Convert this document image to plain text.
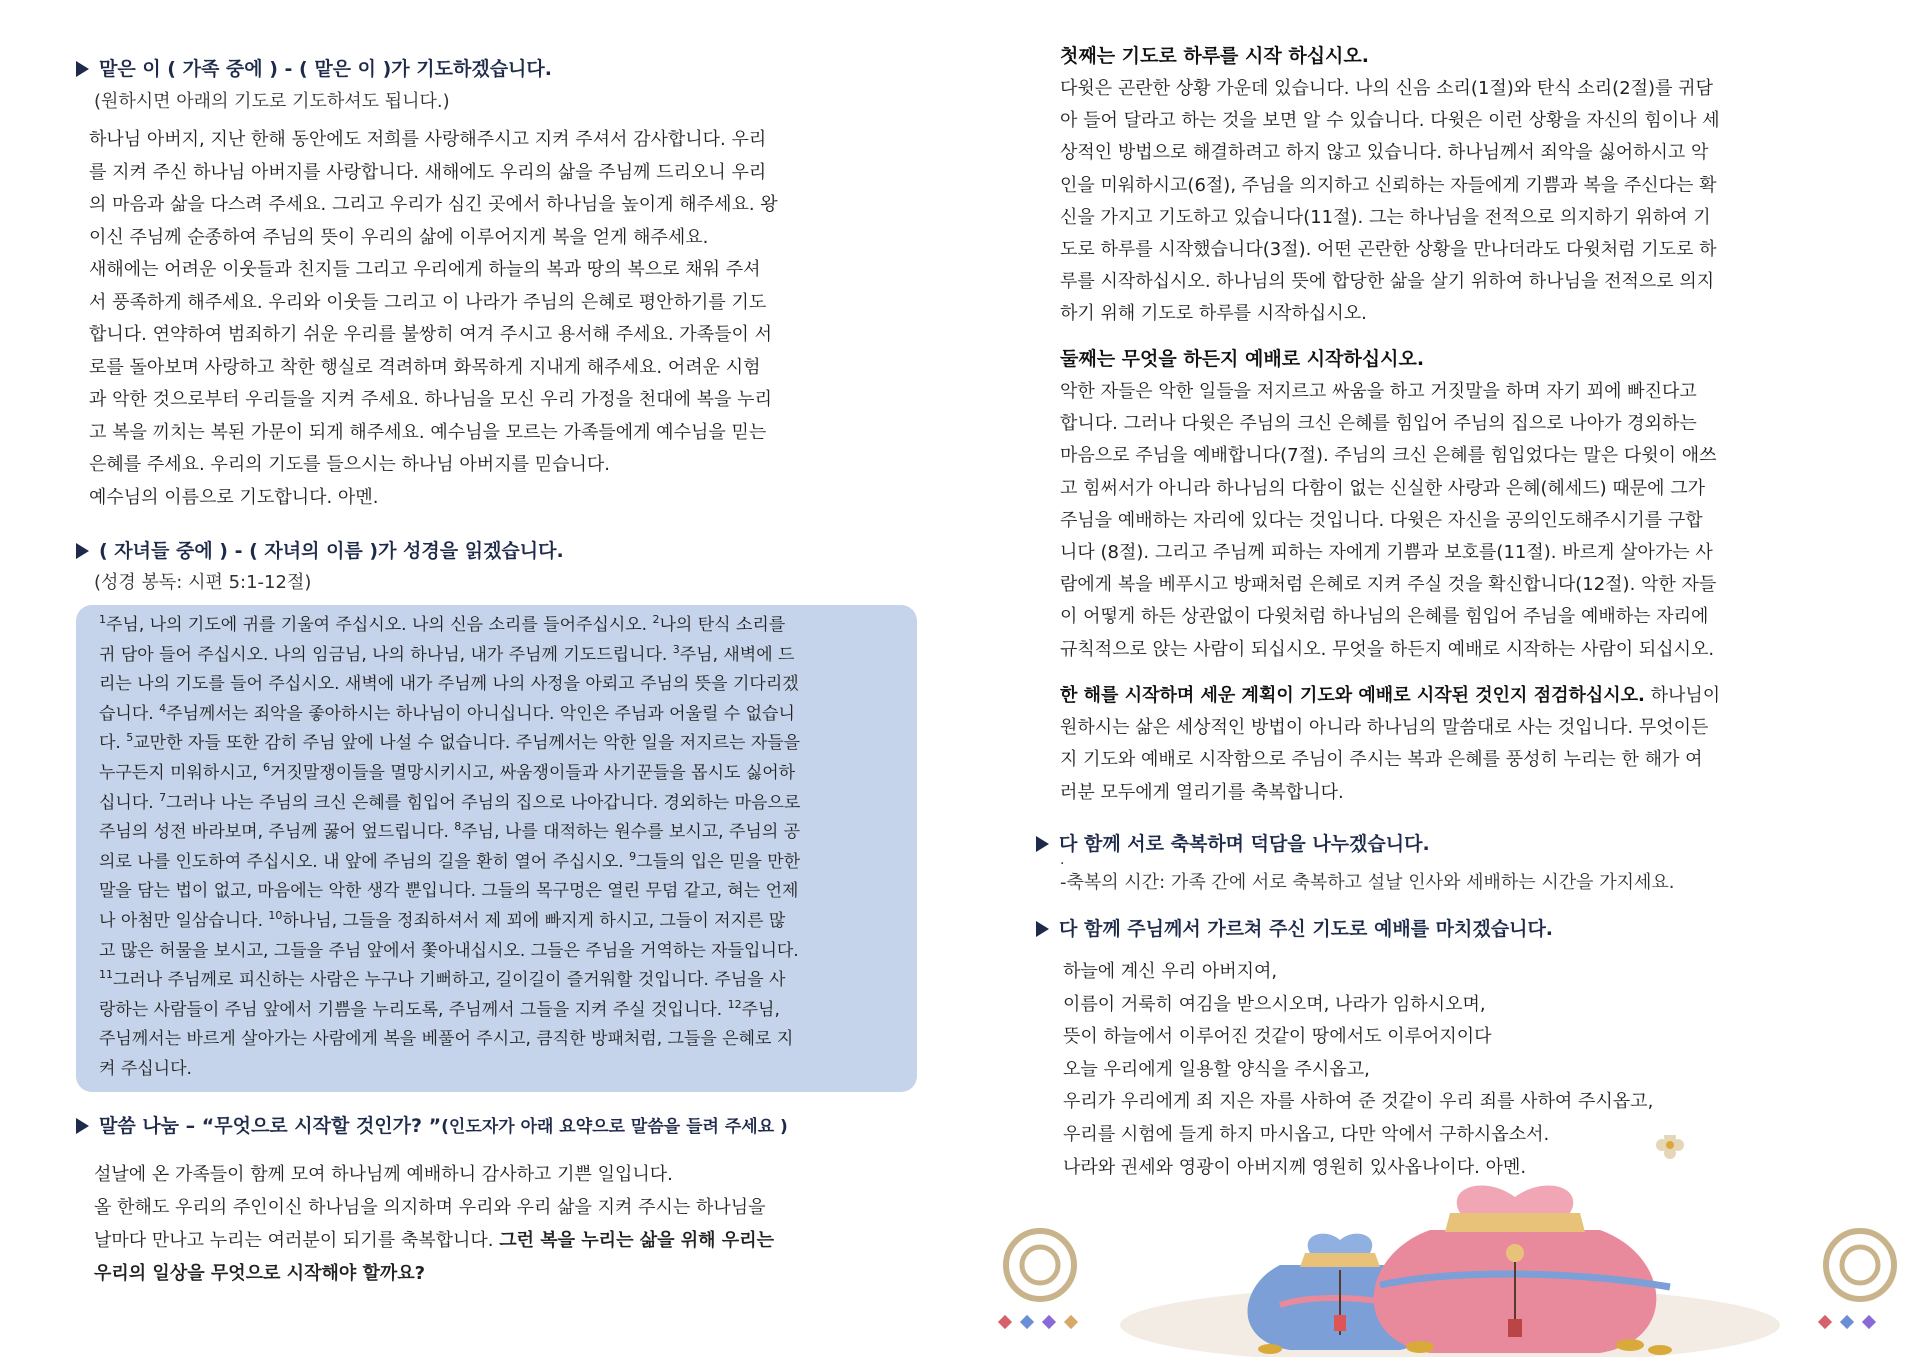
맡은 이 ( 가족 중에 ) - ( 맡은 이 )가 기도하겠습니다.
(원하시면 아래의 기도로 기도하셔도 됩니다.)
하나님 아버지, 지난 한해 동안에도 저희를 사랑해주시고 지켜 주셔서 감사합니다. 우리
를 지켜 주신 하나님 아버지를 사랑합니다. 새해에도 우리의 삶을 주님께 드리오니 우리
의 마음과 삶을 다스려 주세요. 그리고 우리가 심긴 곳에서 하나님을 높이게 해주세요. 왕
이신 주님께 순종하여 주님의 뜻이 우리의 삶에 이루어지게 복을 얻게 해주세요.
새해에는 어려운 이웃들과 친지들 그리고 우리에게 하늘의 복과 땅의 복으로 채워 주셔
서 풍족하게 해주세요. 우리와 이웃들 그리고 이 나라가 주님의 은혜로 평안하기를 기도
합니다. 연약하여 범죄하기 쉬운 우리를 불쌍히 여겨 주시고 용서해 주세요. 가족들이 서
로를 돌아보며 사랑하고 착한 행실로 격려하며 화목하게 지내게 해주세요. 어려운 시험
과 악한 것으로부터 우리들을 지켜 주세요. 하나님을 모신 우리 가정을 천대에 복을 누리
고 복을 끼치는 복된 가문이 되게 해주세요. 예수님을 모르는 가족들에게 예수님을 믿는
은혜를 주세요. 우리의 기도를 들으시는 하나님 아버지를 믿습니다.
예수님의 이름으로 기도합니다. 아멘.
( 자녀들 중에 ) - ( 자녀의 이름 )가 성경을 읽겠습니다.
(성경 봉독: 시편 5:1-12절)
$^1$주님, 나의 기도에 귀를 기울여 주십시오. 나의 신음 소리를 들어주십시오. $^2$나의 탄식 소리를
귀 담아 들어 주십시오. 나의 임금님, 나의 하나님, 내가 주님께 기도드립니다. $^3$주님, 새벽에 드
리는 나의 기도를 들어 주십시오. 새벽에 내가 주님께 나의 사정을 아뢰고 주님의 뜻을 기다리겠
습니다. $^4$주님께서는 죄악을 좋아하시는 하나님이 아니십니다. 악인은 주님과 어울릴 수 없습니
다. $^5$교만한 자들 또한 감히 주님 앞에 나설 수 없습니다. 주님께서는 악한 일을 저지르는 자들을
누구든지 미워하시고, $^6$거짓말쟁이들을 멸망시키시고, 싸움쟁이들과 사기꾼들을 몹시도 싫어하
십니다. $^7$그러나 나는 주님의 크신 은혜를 힘입어 주님의 집으로 나아갑니다. 경외하는 마음으로
주님의 성전 바라보며, 주님께 꿇어 엎드립니다. $^8$주님, 나를 대적하는 원수를 보시고, 주님의 공
의로 나를 인도하여 주십시오. 내 앞에 주님의 길을 환히 열어 주십시오. $^9$그들의 입은 믿을 만한
말을 담는 법이 없고, 마음에는 악한 생각 뿐입니다. 그들의 목구멍은 열린 무덤 같고, 혀는 언제
나 아첨만 일삼습니다. $^{10}$하나님, 그들을 정죄하셔서 제 꾀에 빠지게 하시고, 그들이 저지른 많
고 많은 허물을 보시고, 그들을 주님 앞에서 쫓아내십시오. 그들은 주님을 거역하는 자들입니다.
$^{11}$그러나 주님께로 피신하는 사람은 누구나 기뻐하고, 길이길이 즐거워할 것입니다. 주님을 사
랑하는 사람들이 주님 앞에서 기쁨을 누리도록, 주님께서 그들을 지켜 주실 것입니다. $^{12}$주님,
주님께서는 바르게 살아가는 사람에게 복을 베풀어 주시고, 큼직한 방패처럼, 그들을 은혜로 지
켜 주십니다.
말씀 나눔 – “무엇으로 시작할 것인가? ”(인도자가 아래 요약으로 말씀을 들려 주세요 )
설날에 온 가족들이 함께 모여 하나님께 예배하니 감사하고 기쁜 일입니다.
올 한해도 우리의 주인이신 하나님을 의지하며 우리와 우리 삶을 지켜 주시는 하나님을
날마다 만나고 누리는 여러분이 되기를 축복합니다. 그런 복을 누리는 삶을 위해 우리는
우리의 일상을 무엇으로 시작해야 할까요?
첫째는 기도로 하루를 시작 하십시오.
다윗은 곤란한 상황 가운데 있습니다. 나의 신음 소리(1절)와 탄식 소리(2절)를 귀담
아 들어 달라고 하는 것을 보면 알 수 있습니다. 다윗은 이런 상황을 자신의 힘이나 세
상적인 방법으로 해결하려고 하지 않고 있습니다. 하나님께서 죄악을 싫어하시고 악
인을 미워하시고(6절), 주님을 의지하고 신뢰하는 자들에게 기쁨과 복을 주신다는 확
신을 가지고 기도하고 있습니다(11절). 그는 하나님을 전적으로 의지하기 위하여 기
도로 하루를 시작했습니다(3절). 어떤 곤란한 상황을 만나더라도 다윗처럼 기도로 하
루를 시작하십시오. 하나님의 뜻에 합당한 삶을 살기 위하여 하나님을 전적으로 의지
하기 위해 기도로 하루를 시작하십시오.
둘째는 무엇을 하든지 예배로 시작하십시오.
악한 자들은 악한 일들을 저지르고 싸움을 하고 거짓말을 하며 자기 꾀에 빠진다고
합니다. 그러나 다윗은 주님의 크신 은혜를 힘입어 주님의 집으로 나아가 경외하는
마음으로 주님을 예배합니다(7절). 주님의 크신 은혜를 힘입었다는 말은 다윗이 애쓰
고 힘써서가 아니라 하나님의 다함이 없는 신실한 사랑과 은혜(헤세드) 때문에 그가
주님을 예배하는 자리에 있다는 것입니다. 다윗은 자신을 공의인도해주시기를 구합
니다 (8절). 그리고 주님께 피하는 자에게 기쁨과 보호를(11절). 바르게 살아가는 사
람에게 복을 베푸시고 방패처럼 은혜로 지켜 주실 것을 확신합니다(12절). 악한 자들
이 어떻게 하든 상관없이 다윗처럼 하나님의 은혜를 힘입어 주님을 예배하는 자리에
규칙적으로 앉는 사람이 되십시오. 무엇을 하든지 예배로 시작하는 사람이 되십시오.
한 해를 시작하며 세운 계획이 기도와 예배로 시작된 것인지 점검하십시오. 하나님이
원하시는 삶은 세상적인 방법이 아니라 하나님의 말씀대로 사는 것입니다. 무엇이든
지 기도와 예배로 시작함으로 주님이 주시는 복과 은혜를 풍성히 누리는 한 해가 여
러분 모두에게 열리기를 축복합니다.
다 함께 서로 축복하며 덕담을 나누겠습니다.
.
-축복의 시간: 가족 간에 서로 축복하고 설날 인사와 세배하는 시간을 가지세요.
다 함께 주님께서 가르쳐 주신 기도로 예배를 마치겠습니다.
하늘에 계신 우리 아버지여,
이름이 거룩히 여김을 받으시오며, 나라가 임하시오며,
뜻이 하늘에서 이루어진 것같이 땅에서도 이루어지이다
오늘 우리에게 일용할 양식을 주시옵고,
우리가 우리에게 죄 지은 자를 사하여 준 것같이 우리 죄를 사하여 주시옵고,
우리를 시험에 들게 하지 마시옵고, 다만 악에서 구하시옵소서.
나라와 권세와 영광이 아버지께 영원히 있사옵나이다. 아멘.
